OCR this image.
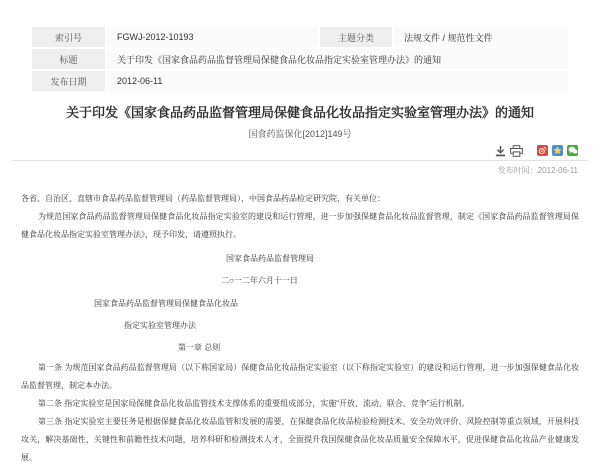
索引号	FGWJ-2012-10193	主题分类	法规文件 / 规范性文件
标题	关于印发《国家食品药品监督管理局保健食品化妆品指定实验室管理办法》的通知		
发布日期	2012-06-11		
关于印发《国家食品药品监督管理局保健食品化妆品指定实验室管理办法》的通知
国食药监保化[2012]149号
发布时间：2012-06-11

各省、自治区、直辖市食品药品监督管理局（药品监督管理局），中国食品药品检定研究院，有关单位：

为规范国家食品药品监督管理局保健食品化妆品指定实验室的建设和运行管理，进一步加强保健食品化妆品监督管理，制定《国家食品药品监督管理局保健食品化妆品指定实验室管理办法》，现予印发，请遵照执行。

国家食品药品监督管理局

二○一二年六月十一日

国家食品药品监督管理局保健食品化妆品

指定实验室管理办法

第一章 总则

第一条 为规范国家食品药品监督管理局（以下称国家局）保健食品化妆品指定实验室（以下称指定实验室）的建设和运行管理，进一步加强保健食品化妆品监督管理，制定本办法。

第二条 指定实验室是国家局保健食品化妆品监管技术支撑体系的重要组成部分，实施“开放、流动、联合、竞争”运行机制。

第三条 指定实验室主要任务是根据保健食品化妆品监管和发展的需要，在保健食品化妆品检验检测技术、安全功效评价、风险控制等重点领域，开展科技攻关，解决基础性、关键性和前瞻性技术问题，培养科研和检测技术人才，全面提升我国保健食品化妆品质量安全保障水平，促进保健食品化妆品产业健康发展。
